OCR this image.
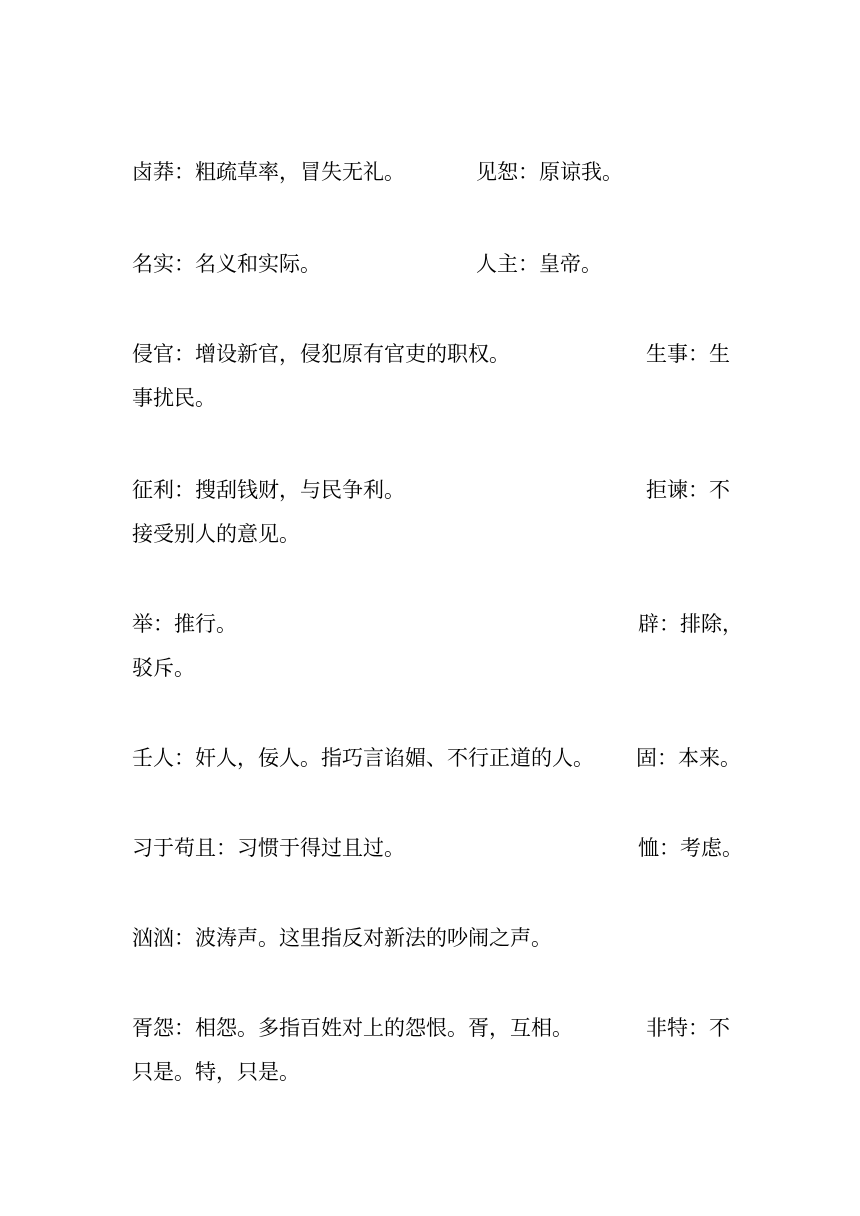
卤莽：粗疏草率，冒失无礼。	见恕：原谅我。

名实：名义和实际。	人主：皇帝。

侵官：增设新官，侵犯原有官吏的职权。	生事：生

事扰民。

征利：搜刮钱财，与民争利。	拒谏：不

接受别人的意见。

举：推行。	辟：排除，

驳斥。

壬人：奸人，佞人。指巧言谄媚、不行正道的人。 固：本来。

习于苟且：习惯于得过且过。	恤：考虑。

汹汹：波涛声。这里指反对新法的吵闹之声。

胥怨：相怨。多指百姓对上的怨恨。胥，互相。	非特：不

只是。特，只是。
